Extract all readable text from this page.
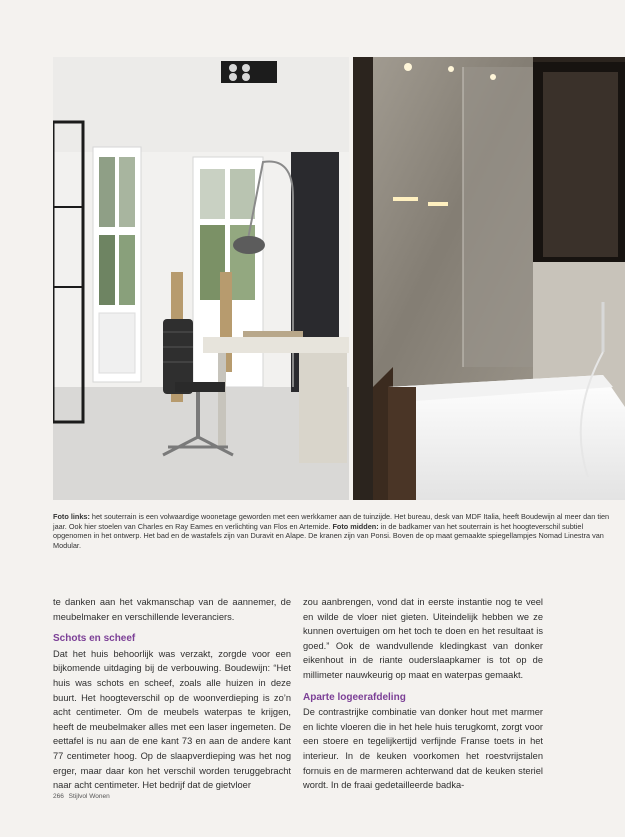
Foto links: het souterrain is een volwaardige woonetage geworden met een werkkamer aan de tuinzijde. Het bureau, desk van MDF Italia, heeft Boudewijn al meer dan tien jaar. Ook hier stoelen van Charles en Ray Eames en verlichting van Flos en Artemide. Foto midden: in de badkamer van het souterrain is het hoogteverschil subtiel opgenomen in het ontwerp. Het bad en de wastafels zijn van Duravit en Alape. De kranen zijn van Ponsi. Boven de op maat gemaakte spiegellampjes Nomad Linestra van Modular.

te danken aan het vakmanschap van de aannemer, de meubelmaker en verschillende leveranciers.

Schots en scheef

Dat het huis behoorlijk was verzakt, zorgde voor een bijkomende uitdaging bij de verbouwing. Boudewijn: “Het huis was schots en scheef, zoals alle huizen in deze buurt. Het hoogteverschil op de woonverdieping is zo’n acht centimeter. Om de meubels waterpas te krijgen, heeft de meubelmaker alles met een laser ingemeten. De eettafel is nu aan de ene kant 73 en aan de andere kant 77 centimeter hoog. Op de slaapverdieping was het nog erger, maar daar kon het verschil worden teruggebracht naar acht centimeter. Het bedrijf dat de gietvloer

zou aanbrengen, vond dat in eerste instantie nog te veel en wilde de vloer niet gieten. Uiteindelijk hebben we ze kunnen overtuigen om het toch te doen en het resultaat is goed.” Ook de wandvullende kledingkast van donker eikenhout in de riante ouderslaapkamer is tot op de millimeter nauwkeurig op maat en waterpas gemaakt.

Aparte logeerafdeling

De contrastrijke combinatie van donker hout met marmer en lichte vloeren die in het hele huis terugkomt, zorgt voor een stoere en tegelijkertijd verfijnde Franse toets in het interieur. In de keuken voorkomen het roestvrijstalen fornuis en de marmeren achterwand dat de keuken steriel wordt. In de fraai gedetailleerde badka-

266 Stijlvol Wonen
